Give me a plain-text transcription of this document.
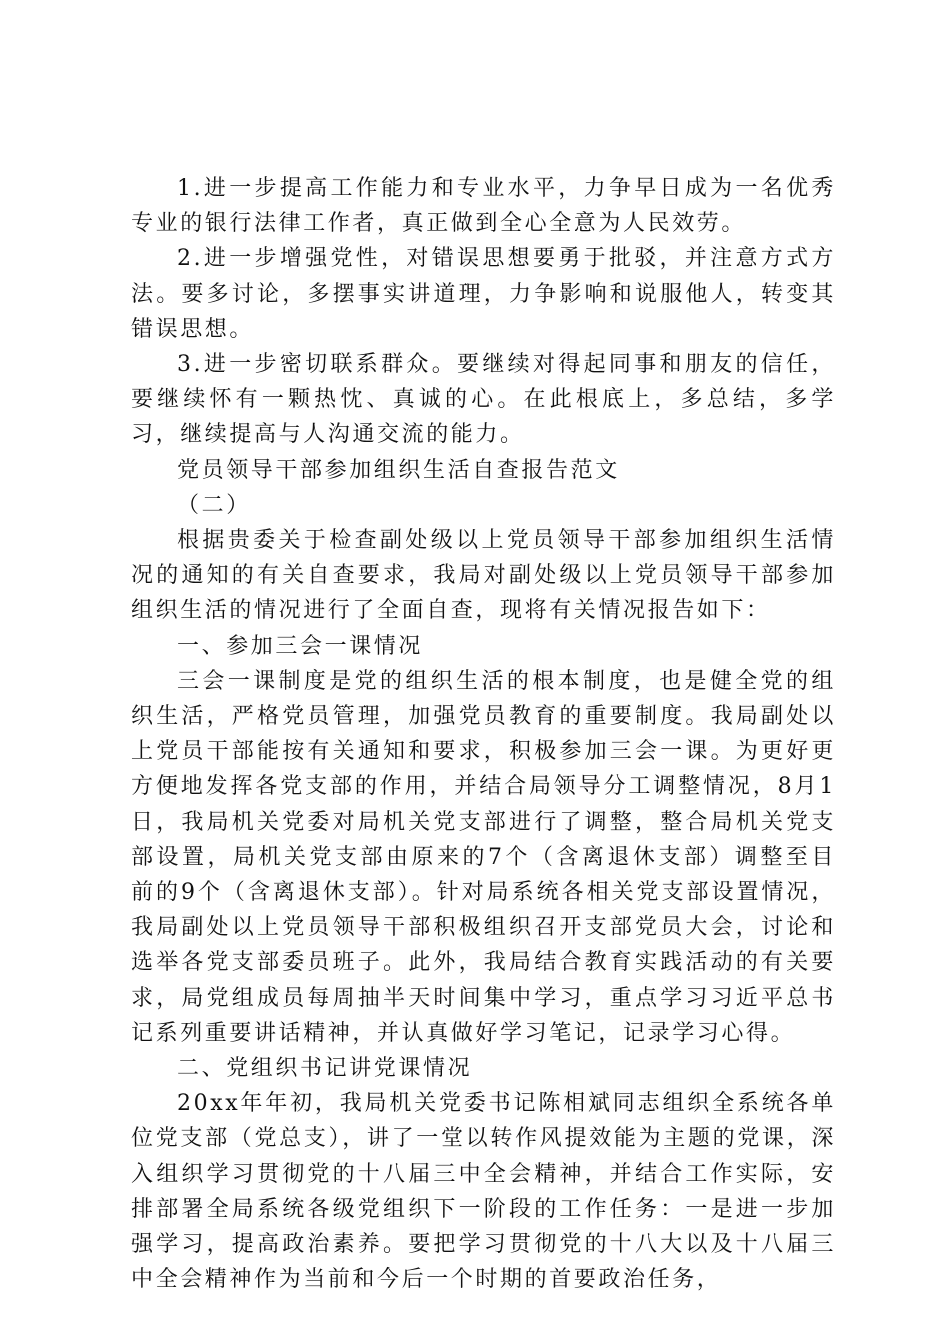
1.进一步提高工作能力和专业水平，力争早日成为一名优秀专业的银行法律工作者，真正做到全心全意为人民效劳。

2.进一步增强党性，对错误思想要勇于批驳，并注意方式方法。要多讨论，多摆事实讲道理，力争影响和说服他人，转变其错误思想。

3.进一步密切联系群众。要继续对得起同事和朋友的信任，要继续怀有一颗热忱、真诚的心。在此根底上，多总结，多学习，继续提高与人沟通交流的能力。

党员领导干部参加组织生活自查报告范文

（二）

根据贵委关于检查副处级以上党员领导干部参加组织生活情况的通知的有关自查要求，我局对副处级以上党员领导干部参加组织生活的情况进行了全面自查，现将有关情况报告如下：

一、参加三会一课情况

三会一课制度是党的组织生活的根本制度，也是健全党的组织生活，严格党员管理，加强党员教育的重要制度。我局副处以上党员干部能按有关通知和要求，积极参加三会一课。为更好更方便地发挥各党支部的作用，并结合局领导分工调整情况，8月1日，我局机关党委对局机关党支部进行了调整，整合局机关党支部设置，局机关党支部由原来的7个（含离退休支部）调整至目前的9个（含离退休支部）。针对局系统各相关党支部设置情况，我局副处以上党员领导干部积极组织召开支部党员大会，讨论和选举各党支部委员班子。此外，我局结合教育实践活动的有关要求，局党组成员每周抽半天时间集中学习，重点学习习近平总书记系列重要讲话精神，并认真做好学习笔记，记录学习心得。

二、党组织书记讲党课情况

20xx年年初，我局机关党委书记陈相斌同志组织全系统各单位党支部（党总支），讲了一堂以转作风提效能为主题的党课，深入组织学习贯彻党的十八届三中全会精神，并结合工作实际，安排部署全局系统各级党组织下一阶段的工作任务：一是进一步加强学习，提高政治素养。要把学习贯彻党的十八大以及十八届三中全会精神作为当前和今后一个时期的首要政治任务，
